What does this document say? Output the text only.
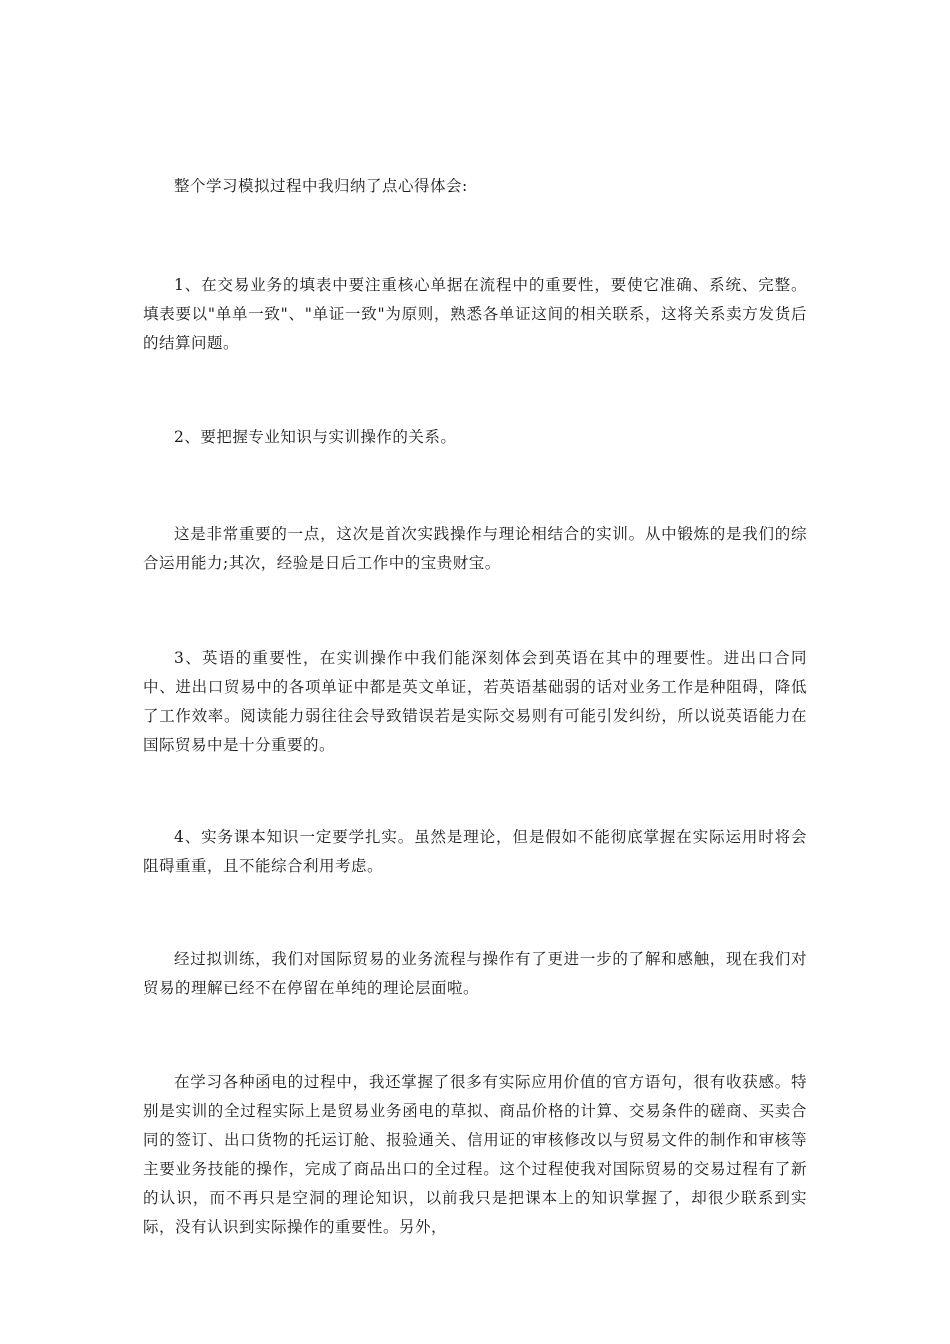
整个学习模拟过程中我归纳了点心得体会:

1、在交易业务的填表中要注重核心单据在流程中的重要性，要使它准确、系统、完整。填表要以"单单一致"、"单证一致"为原则，熟悉各单证这间的相关联系，这将关系卖方发货后的结算问题。

2、要把握专业知识与实训操作的关系。

这是非常重要的一点，这次是首次实践操作与理论相结合的实训。从中锻炼的是我们的综合运用能力;其次，经验是日后工作中的宝贵财宝。

3、英语的重要性，在实训操作中我们能深刻体会到英语在其中的理要性。进出口合同中、进出口贸易中的各项单证中都是英文单证，若英语基础弱的话对业务工作是种阻碍，降低了工作效率。阅读能力弱往往会导致错误若是实际交易则有可能引发纠纷，所以说英语能力在国际贸易中是十分重要的。

4、实务课本知识一定要学扎实。虽然是理论，但是假如不能彻底掌握在实际运用时将会阻碍重重，且不能综合利用考虑。

经过拟训练，我们对国际贸易的业务流程与操作有了更进一步的了解和感触，现在我们对贸易的理解已经不在停留在单纯的理论层面啦。

在学习各种函电的过程中，我还掌握了很多有实际应用价值的官方语句，很有收获感。特别是实训的全过程实际上是贸易业务函电的草拟、商品价格的计算、交易条件的磋商、买卖合同的签订、出口货物的托运订舱、报验通关、信用证的审核修改以与贸易文件的制作和审核等主要业务技能的操作，完成了商品出口的全过程。这个过程使我对国际贸易的交易过程有了新的认识，而不再只是空洞的理论知识，以前我只是把课本上的知识掌握了，却很少联系到实际，没有认识到实际操作的重要性。另外，
